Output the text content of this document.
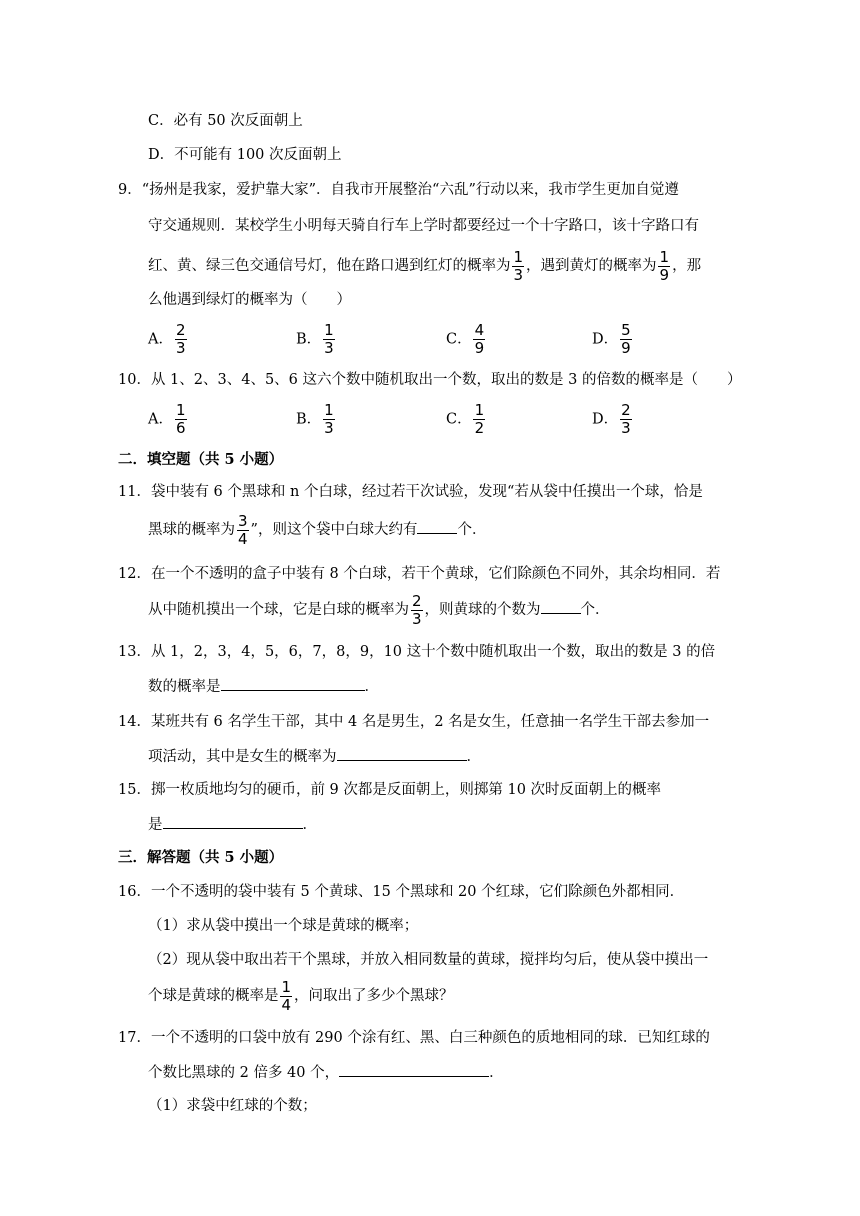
C．必有 50 次反面朝上
D．不可能有 100 次反面朝上
9．“扬州是我家，爱护靠大家”．自我市开展整治“六乱”行动以来，我市学生更加自觉遵
守交通规则．某校学生小明每天骑自行车上学时都要经过一个十字路口，该十字路口有
红、黄、绿三色交通信号灯，他在路口遇到红灯的概率为 $\frac{1}{3}$ ，遇到黄灯的概率为 $\frac{1}{9}$ ，那
么他遇到绿灯的概率为（　　）
A． $\frac{2}{3}$	B． $\frac{1}{3}$	C． $\frac{4}{9}$	D． $\frac{5}{9}$
10．从 1、2、3、4、5、6 这六个数中随机取出一个数，取出的数是 3 的倍数的概率是（　　）
A． $\frac{1}{6}$	B． $\frac{1}{3}$	C． $\frac{1}{2}$	D． $\frac{2}{3}$
二．填空题（共 5 小题）
11．袋中装有 6 个黑球和 n 个白球，经过若干次试验，发现“若从袋中任摸出一个球，恰是
黑球的概率为 $\frac{3}{4}$ ”，则这个袋中白球大约有	个．
12．在一个不透明的盒子中装有 8 个白球，若干个黄球，它们除颜色不同外，其余均相同．若
从中随机摸出一个球，它是白球的概率为 $\frac{2}{3}$ ，则黄球的个数为	个．
13．从 1，2，3，4，5，6，7，8，9，10 这十个数中随机取出一个数，取出的数是 3 的倍
数的概率是	．
14．某班共有 6 名学生干部，其中 4 名是男生，2 名是女生，任意抽一名学生干部去参加一
项活动，其中是女生的概率为	．
15．掷一枚质地均匀的硬币，前 9 次都是反面朝上，则掷第 10 次时反面朝上的概率
是	．
三．解答题（共 5 小题）
16．一个不透明的袋中装有 5 个黄球、15 个黑球和 20 个红球，它们除颜色外都相同．
（1）求从袋中摸出一个球是黄球的概率；
（2）现从袋中取出若干个黑球，并放入相同数量的黄球，搅拌均匀后，使从袋中摸出一
个球是黄球的概率是 $\frac{1}{4}$ ，问取出了多少个黑球？
17．一个不透明的口袋中放有 290 个涂有红、黑、白三种颜色的质地相同的球．已知红球的
个数比黑球的 2 倍多 40 个，	．
（1）求袋中红球的个数；
